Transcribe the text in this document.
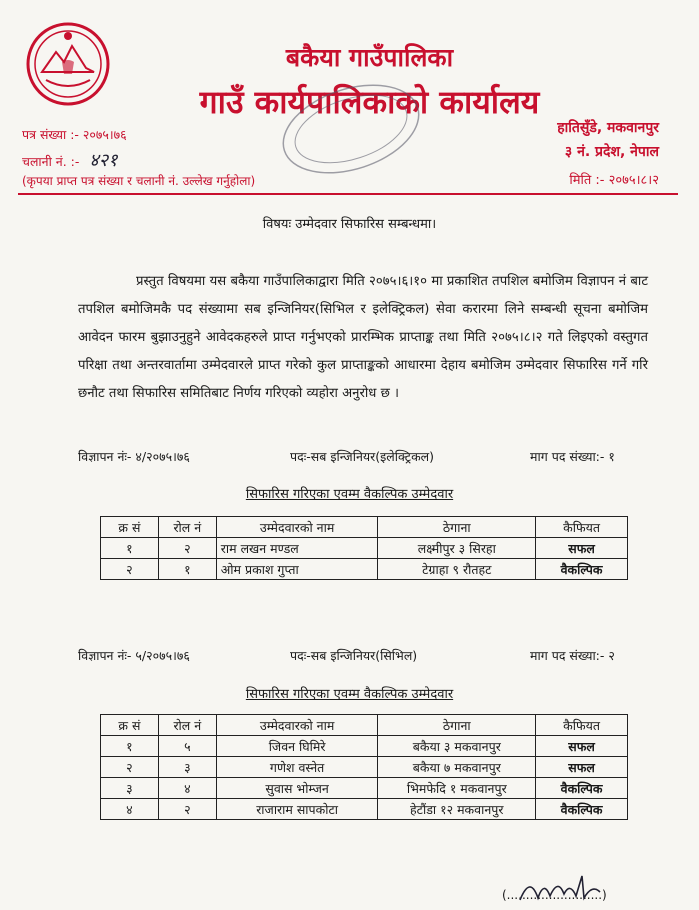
बकैया गाउँपालिका
गाउँ कार्यपालिकाको कार्यालय
पत्र संख्या :- २०७५।७६
चलानी नं. :- ४२१
(कृपया प्राप्त पत्र संख्या र चलानी नं. उल्लेख गर्नुहोला)
हातिसुँडे, मकवानपुर
३ नं. प्रदेश, नेपाल
मिति :- २०७५।८।२
विषयः उम्मेदवार सिफारिस सम्बन्धमा।
प्रस्तुत विषयमा यस बकैया गाउँपालिकाद्वारा मिति २०७५।६।१० मा प्रकाशित तपशिल बमोजिम विज्ञापन नं बाट तपशिल बमोजिमकै पद संख्यामा सब इन्जिनियर(सिभिल र इलेक्ट्रिकल) सेवा करारमा लिने सम्बन्धी सूचना बमोजिम आवेदन फारम बुझाउनुहुने आवेदकहरुले प्राप्त गर्नुभएको प्रारम्भिक प्राप्ताङ्क तथा मिति २०७५।८।२ गते लिइएको वस्तुगत परिक्षा तथा अन्तरवार्तामा उम्मेदवारले प्राप्त गरेको कुल प्राप्ताङ्कको आधारमा देहाय बमोजिम उम्मेदवार सिफारिस गर्ने गरि छनौट तथा सिफारिस समितिबाट निर्णय गरिएको व्यहोरा अनुरोध छ ।
विज्ञापन नंः- ४/२०७५।७६	पदः-सब इन्जिनियर(इलेक्ट्रिकल)	माग पद संख्या:- १
सिफारिस गरिएका एवम्म वैकल्पिक उम्मेदवार
क्र सं	रोल नं	उम्मेदवारको नाम	ठेगाना	कैफियत
१	२	राम लखन मण्डल	लक्ष्मीपुर ३ सिरहा	सफल
२	१	ओम प्रकाश गुप्ता	टेग्राहा ९ रौतहट	वैकल्पिक
विज्ञापन नंः- ५/२०७५।७६	पदः-सब इन्जिनियर(सिभिल)	माग पद संख्या:- २
सिफारिस गरिएका एवम्म वैकल्पिक उम्मेदवार
क्र सं	रोल नं	उम्मेदवारको नाम	ठेगाना	कैफियत
१	५	जिवन घिमिरे	बकैया ३ मकवानपुर	सफल
२	३	गणेश वस्नेत	बकैया ७ मकवानपुर	सफल
३	४	सुवास भोम्जन	भिमफेदि १ मकवानपुर	वैकल्पिक
४	२	राजाराम सापकोटा	हेटौंडा १२ मकवानपुर	वैकल्पिक
(.........................)
